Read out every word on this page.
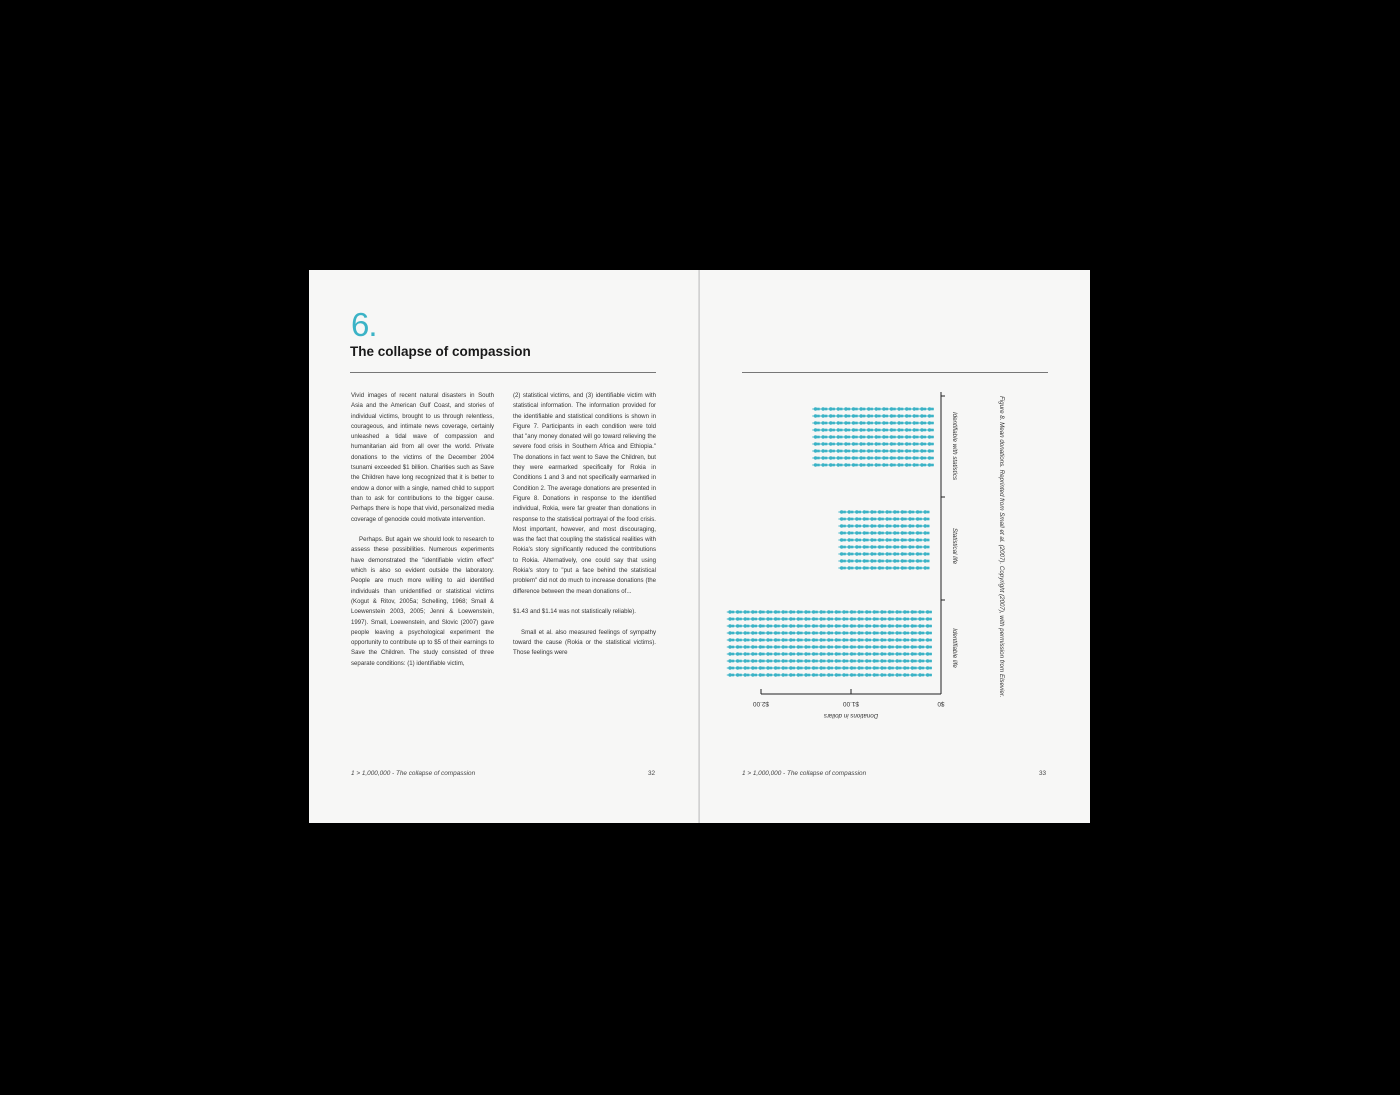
6.
The collapse of compassion

Vivid images of recent natural disasters in South Asia and the American Gulf Coast, and stories of individual victims, brought to us through relentless, courageous, and intimate news coverage, certainly unleashed a tidal wave of compassion and humanitarian aid from all over the world. Private donations to the victims of the December 2004 tsunami exceeded $1 billion. Charities such as Save the Children have long recognized that it is better to endow a donor with a single, named child to support than to ask for contributions to the bigger cause. Perhaps there is hope that vivid, personalized media coverage of genocide could motivate intervention.

Perhaps. But again we should look to research to assess these possibilities. Numerous experiments have demonstrated the "identifiable victim effect" which is also so evident outside the laboratory. People are much more willing to aid identified individuals than unidentified or statistical victims (Kogut & Ritov, 2005a; Schelling, 1968; Small & Loewenstein 2003, 2005; Jenni & Loewenstein, 1997). Small, Loewenstein, and Slovic (2007) gave people leaving a psychological experiment the opportunity to contribute up to $5 of their earnings to Save the Children. The study consisted of three separate conditions: (1) identifiable victim,

(2) statistical victims, and (3) identifiable victim with statistical information. The information provided for the identifiable and statistical conditions is shown in Figure 7. Participants in each condition were told that "any money donated will go toward relieving the severe food crisis in Southern Africa and Ethiopia." The donations in fact went to Save the Children, but they were earmarked specifically for Rokia in Conditions 1 and 3 and not specifically earmarked in Condition 2. The average donations are presented in Figure 8. Donations in response to the identified individual, Rokia, were far greater than donations in response to the statistical portrayal of the food crisis. Most important, however, and most discouraging, was the fact that coupling the statistical realities with Rokia's story significantly reduced the contributions to Rokia. Alternatively, one could say that using Rokia's story to "put a face behind the statistical problem" did not do much to increase donations (the difference between the mean donations of...

$1.43 and $1.14 was not statistically reliable).

Small et al. also measured feelings of sympathy toward the cause (Rokia or the statistical victims). Those feelings were

1 > 1,000,000 - The collapse of compassion	32
Identifiable with statistics
Statistical life
Identifiable life
$0
$1.00
$2.00
Donations in dollars
Figure 8. Mean donations. Reprinted from Small et al. (2007). Copyright (2007), with permission from Elsevier.
1 > 1,000,000 - The collapse of compassion	33
